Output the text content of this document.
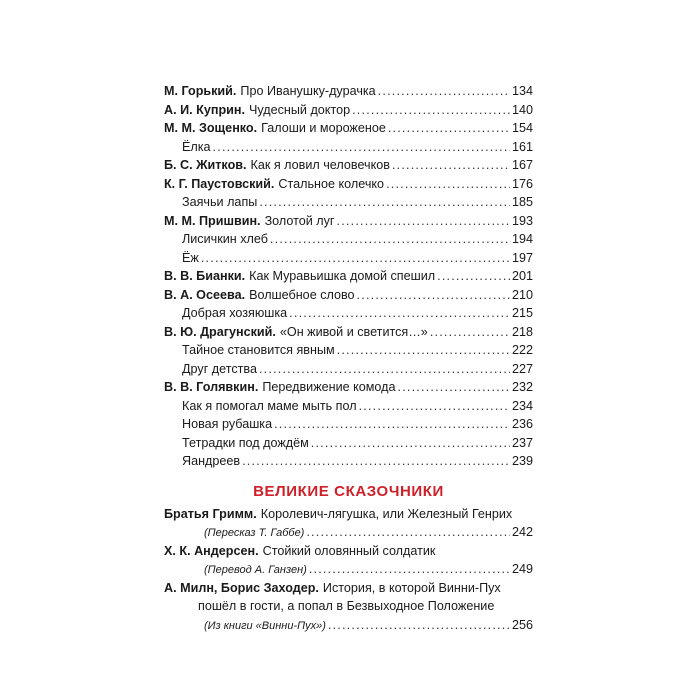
М. Горький. Про Иванушку-дурачка .....	134
А. И. Куприн. Чудесный доктор .....	140
М. М. Зощенко. Галоши и мороженое .....	154
Ёлка .....	161
Б. С. Житков. Как я ловил человечков .....	167
К. Г. Паустовский. Стальное колечко .....	176
Заячьи лапы .....	185
М. М. Пришвин. Золотой луг .....	193
Лисичкин хлеб .....	194
Ёж .....	197
В. В. Бианки. Как Муравьишка домой спешил .....	201
В. А. Осеева. Волшебное слово .....	210
Добрая хозяюшка .....	215
В. Ю. Драгунский. «Он живой и светится…» .....	218
Тайное становится явным .....	222
Друг детства .....	227
В. В. Голявкин. Передвижение комода .....	232
Как я помогал маме мыть пол .....	234
Новая рубашка .....	236
Тетрадки под дождём .....	237
Яандреев .....	239
ВЕЛИКИЕ СКАЗОЧНИКИ
Братья Гримм. Королевич-лягушка, или Железный Генрих
(Пересказ Т. Габбе) .....	242
Х. К. Андерсен. Стойкий оловянный солдатик
(Перевод А. Ганзен) .....	249
А. Милн, Борис Заходер. История, в которой Винни-Пух
пошёл в гости, а попал в Безвыходное Положение
(Из книги «Винни-Пух») .....	256
